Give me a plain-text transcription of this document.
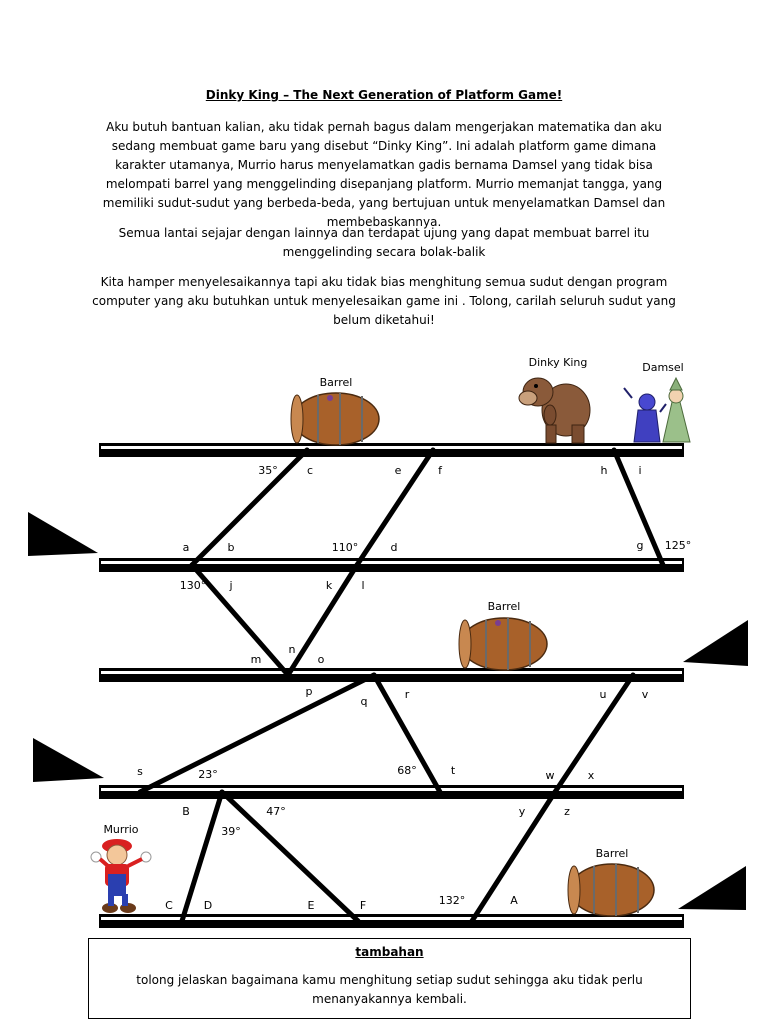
Dinky King – The Next Generation of Platform Game!

Aku butuh bantuan kalian, aku tidak pernah bagus dalam mengerjakan matematika dan aku sedang membuat game baru yang disebut “Dinky King”. Ini adalah platform game dimana karakter utamanya, Murrio harus menyelamatkan gadis bernama Damsel yang tidak bisa melompati barrel yang menggelinding disepanjang platform. Murrio memanjat tangga, yang memiliki sudut-sudut yang berbeda-beda, yang bertujuan untuk menyelamatkan Damsel dan membebaskannya.

Semua lantai sejajar dengan lainnya dan terdapat ujung yang dapat membuat barrel itu menggelinding secara bolak-balik

Kita hamper menyelesaikannya tapi aku tidak bias menghitung semua sudut dengan program computer yang aku butuhkan untuk menyelesaikan game ini . Tolong, carilah seluruh sudut yang belum diketahui!

Barrel
Dinky King	Damsel
Barrel
Murrio
Barrel
35°	c	e	f	h	i
a	b	110°	d	g 125°
130° j	k	l
m
n
o
p
q
r	u	v
s	23°	68°	t	w	x
B	47°
39°
y	z
C	D	E	F	132°	A
tambahan
tolong jelaskan bagaimana kamu menghitung setiap sudut sehingga aku tidak perlu menanyakannya kembali.
